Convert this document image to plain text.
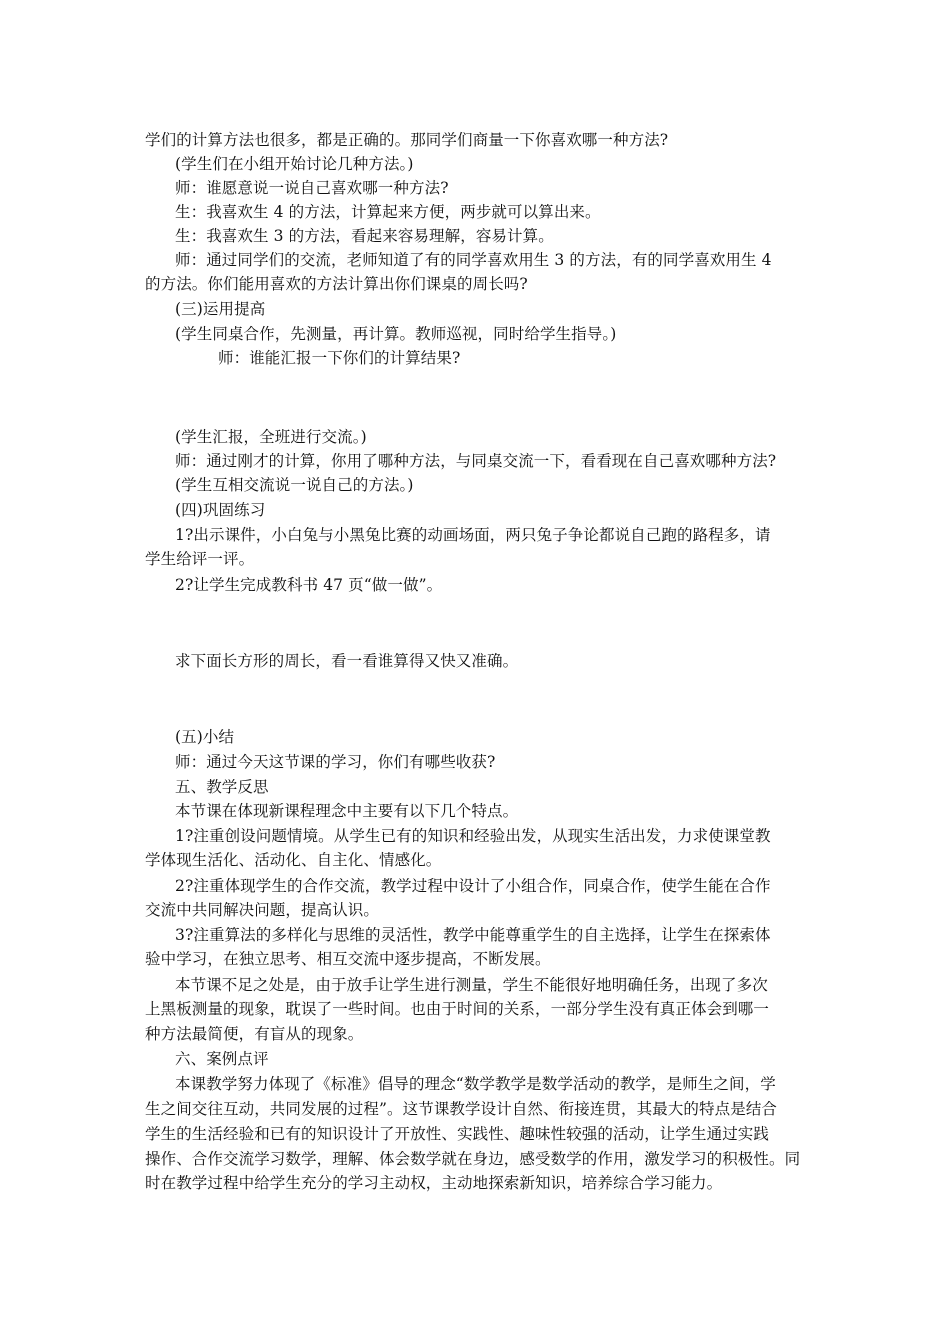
学们的计算方法也很多，都是正确的。那同学们商量一下你喜欢哪一种方法?
(学生们在小组开始讨论几种方法。)
师：谁愿意说一说自己喜欢哪一种方法?
生：我喜欢生 4 的方法，计算起来方便，两步就可以算出来。
生：我喜欢生 3 的方法，看起来容易理解，容易计算。
师：通过同学们的交流，老师知道了有的同学喜欢用生 3 的方法，有的同学喜欢用生 4
的方法。你们能用喜欢的方法计算出你们课桌的周长吗?
(三)运用提高
(学生同桌合作，先测量，再计算。教师巡视，同时给学生指导。)
师：谁能汇报一下你们的计算结果?
(学生汇报，全班进行交流。)
师：通过刚才的计算，你用了哪种方法，与同桌交流一下，看看现在自己喜欢哪种方法?
(学生互相交流说一说自己的方法。)
(四)巩固练习
1?出示课件，小白兔与小黑兔比赛的动画场面，两只兔子争论都说自己跑的路程多，请
学生给评一评。
2?让学生完成教科书 47 页“做一做”。
求下面长方形的周长，看一看谁算得又快又准确。
(五)小结
师：通过今天这节课的学习，你们有哪些收获?
五、教学反思
本节课在体现新课程理念中主要有以下几个特点。
1?注重创设问题情境。从学生已有的知识和经验出发，从现实生活出发，力求使课堂教
学体现生活化、活动化、自主化、情感化。
2?注重体现学生的合作交流，教学过程中设计了小组合作，同桌合作，使学生能在合作
交流中共同解决问题，提高认识。
3?注重算法的多样化与思维的灵活性，教学中能尊重学生的自主选择，让学生在探索体
验中学习，在独立思考、相互交流中逐步提高，不断发展。
本节课不足之处是，由于放手让学生进行测量，学生不能很好地明确任务，出现了多次
上黑板测量的现象，耽误了一些时间。也由于时间的关系，一部分学生没有真正体会到哪一
种方法最简便，有盲从的现象。
六、案例点评
本课教学努力体现了《标准》倡导的理念“数学教学是数学活动的教学，是师生之间，学
生之间交往互动，共同发展的过程”。这节课教学设计自然、衔接连贯，其最大的特点是结合
学生的生活经验和已有的知识设计了开放性、实践性、趣味性较强的活动，让学生通过实践
操作、合作交流学习数学，理解、体会数学就在身边，感受数学的作用，激发学习的积极性。同
时在教学过程中给学生充分的学习主动权，主动地探索新知识，培养综合学习能力。
